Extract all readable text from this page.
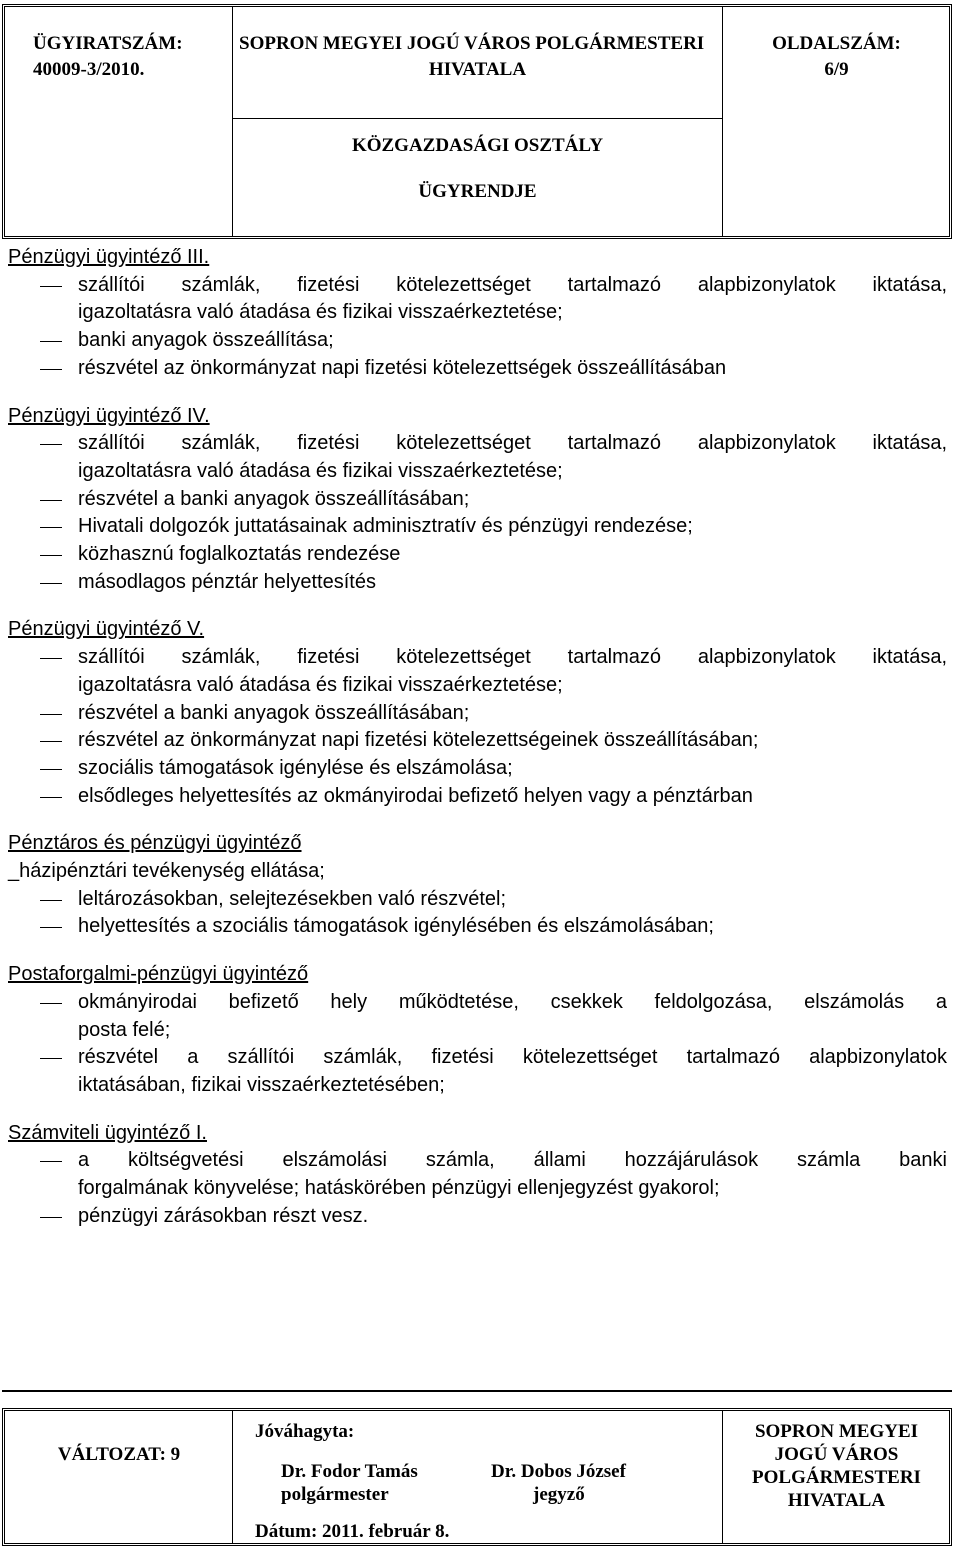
ÜGYIRATSZÁM:
40009-3/2010.
SOPRON MEGYEI JOGÚ VÁROS POLGÁRMESTERI
HIVATALA
KÖZGAZDASÁGI OSZTÁLY
ÜGYRENDJE
OLDALSZÁM:
6/9
Pénzügyi ügyintéző III.
szállítói számlák, fizetési kötelezettséget tartalmazó alapbizonylatok iktatása,
igazoltatásra való átadása és fizikai visszaérkeztetése;
banki anyagok összeállítása;
részvétel az önkormányzat napi fizetési kötelezettségek összeállításában
Pénzügyi ügyintéző IV.
szállítói számlák, fizetési kötelezettséget tartalmazó alapbizonylatok iktatása,
igazoltatásra való átadása és fizikai visszaérkeztetése;
részvétel a banki anyagok összeállításában;
Hivatali dolgozók juttatásainak adminisztratív és pénzügyi rendezése;
közhasznú foglalkoztatás rendezése
másodlagos pénztár helyettesítés
Pénzügyi ügyintéző V.
szállítói számlák, fizetési kötelezettséget tartalmazó alapbizonylatok iktatása,
igazoltatásra való átadása és fizikai visszaérkeztetése;
részvétel a banki anyagok összeállításában;
részvétel az önkormányzat napi fizetési kötelezettségeinek összeállításában;
szociális támogatások igénylése és elszámolása;
elsődleges helyettesítés az okmányirodai befizető helyen vagy a pénztárban
Pénztáros és pénzügyi ügyintéző
_házipénztári tevékenység ellátása;
leltározásokban, selejtezésekben való részvétel;
helyettesítés a szociális támogatások igénylésében és elszámolásában;
Postaforgalmi-pénzügyi ügyintéző
okmányirodai befizető hely működtetése, csekkek feldolgozása, elszámolás a
posta felé;
részvétel a szállítói számlák, fizetési kötelezettséget tartalmazó alapbizonylatok
iktatásában, fizikai visszaérkeztetésében;
Számviteli ügyintéző I.
a költségvetési elszámolási számla, állami hozzájárulások számla banki
forgalmának könyvelése; hatáskörében pénzügyi ellenjegyzést gyakorol;
pénzügyi zárásokban részt vesz.
VÁLTOZAT: 9
Jóváhagyta:
Dr. Fodor Tamás
polgármester
Dr. Dobos József
jegyző
Dátum: 2011. február 8.
SOPRON MEGYEI
JOGÚ VÁROS
POLGÁRMESTERI
HIVATALA
